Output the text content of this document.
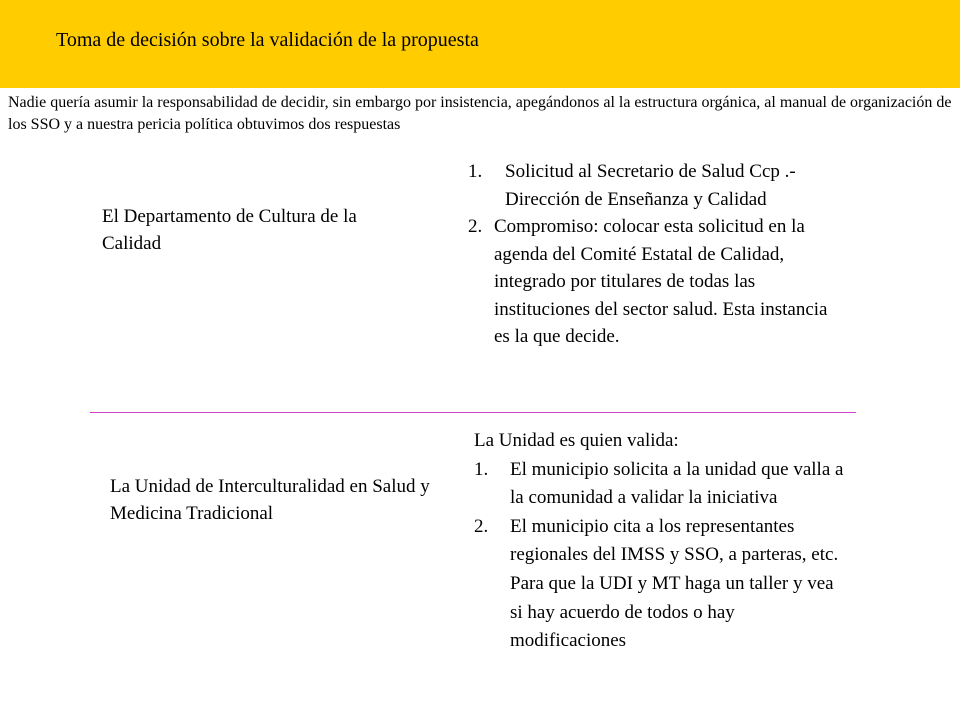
Toma de decisión sobre la validación de la propuesta
Nadie quería asumir la responsabilidad de decidir, sin embargo por insistencia, apegándonos al la estructura orgánica, al manual de organización de los SSO y a nuestra pericia política obtuvimos dos respuestas
El Departamento de Cultura de la Calidad
1.	Solicitud al Secretario de Salud Ccp .- Dirección de Enseñanza y Calidad
2. Compromiso: colocar esta solicitud en la agenda del Comité Estatal de Calidad, integrado por titulares de todas las instituciones del sector salud. Esta instancia es la que decide.
La Unidad de Interculturalidad en Salud y Medicina Tradicional
La Unidad es quien valida:
1.	El municipio solicita a la unidad que valla a la comunidad a validar la iniciativa
2.	El municipio cita a los representantes regionales del IMSS y SSO, a parteras, etc. Para que la UDI y MT haga un taller y vea si hay acuerdo de todos o hay modificaciones
